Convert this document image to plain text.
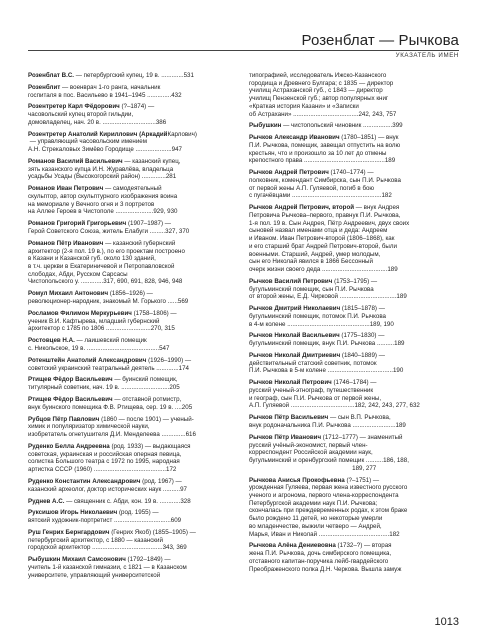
Розенблат — Рычкова
УКАЗАТЕЛЬ ИМЕН
Розенблат В.С. — петербургский купец, 19 в. .............531
Розенблит — военврач 1-го ранга, начальник
госпиталя в пос. Васильево в 1941–1945 ..............432
Розентретер Карл Фёдорович (?–1874) —
часовольский купец второй гильдии,
домовладелец, нач. 20 в. ...............................386
Розентретер Анатолий Кириллович (АркадийКарлович)
— управляющий часовольским имением
А.Н. Стрекаловых Зимёво Городище .....................947
Романов Василий Васильевич — казанский купец,
зять казанского купца И.Н. Журавлёва, владельца
усадьбы Усады (Высокогорский район) ..............281
Романов Иван Петрович — самодеятельный
скульптор, автор скульптурного изображения воина
на мемориале у Вечного огня и 3 портретов
на Аллее Героев в Чистополе ......................929, 930
Романов Григорий Григорьевич (1907–1987) —
Герой Советского Союза, житель Елабуги .........327, 370
Романов Пётр Иванович — казанский губернский
архитектор (2-я пол. 19 в.), по его проектам построено
в Казани и Казанской губ. около 130 зданий,
в т.ч. церкви в Екатериничевой и Петропавловской
слободах, Абди, Русском Сарсасы
Чистопольского у. .............317, 690, 691, 828, 946, 948
Ромул Михаил Антонович (1856–1926) —
революционер-народник, знакомый М. Горького ......569
Росламов Филимон Меркурьевич (1758–1806) —
ученик В.И. Кафтырева, младший губернский
архитектор с 1785 по 1806 ..........................270, 315
Ростовцев Н.А. — лаишевский помещик
с. Никольское, 19 в. ..........................................547
Ротенштейн Анатолий Александрович (1926–1990) —
советский украинский театральный деятель .............174
Ртищев Фёдор Васильевич — буинский помещик,
титулярный советник, нач. 19 в. ............................205
Ртищев Фёдор Васильевич — отставной ротмистр,
внук буинского помещика Ф.В. Ртищева, сер. 19 в. ....205
Рубцов Пётр Павлович (1860 — после 1901) — ученый-
химик и популяризатор химической науки,
изобретатель огнетушителя Д.И. Менделеева ..............616
Руденко Белла Андреевна (род. 1933) — выдающаяся
советская, украинская и российская оперная певица,
солистка Большого театра с 1972 по 1995, народная
артистка СССР (1960) ..........................................172
Руденко Константин Александрович (род. 1967) —
казанский археолог, доктор исторических наук ..........97
Руднев А.С. — священник с. Абди, кон. 19 в. ............328
Руксишов Игорь Николаевич (род. 1955) —
вятский художник-портретист .................................609
Руш Генрих Бернгардович (Генрих Якоб) (1855–1905) —
петербургский архитектор, с 1880 — казанский
городской архитектор .........................................343, 369
Рыбушкин Михаил Самсонович (1792–1849) —
учитель 1-й казанской гимназии, с 1821 — в Казанском
университете, управляющий университетской
типографией, исследователь Ижско-Казанского
городища и Древнего Булгара; с 1835 — директор
училищ Астраханской губ., с 1843 — директор
училищ Пензенской губ.; автор популярных книг
«Краткая история Казани» и «Записки
об Астрахани» ......................................242, 243, 757
Рыбушкин — чистопольский чиновник .................399
Рычков Александр Иванович (1780–1851) — внук
П.И. Рычкова, помещик, завещал отпустить на волю
крестьян, что и произошло за 10 лет до отмены
крепостного права ...............................................189
Рычков Андрей Петрович (1740–1774) —
полковник, комендант Симбирска, сын П.И. Рычкова
от первой жены А.П. Гуляевой, погиб в бою
с пугачёвцами ....................................................182
Рычков Андрей Петрович, второй — внук Андрея
Петровича Рычкова–первого, правнук П.И. Рычкова,
1-я пол. 19 в. Сын Андрея, Пётр Андреевич, двух своих
сыновей назвал именами отца и деда: Андреем
и Иваном. Иван Петрович-второй (1806–1868), как
и его старший брат Андрей Петрович-второй, были
военными. Старший, Андрей, умер молодым,
сын его Николай явился в 1866 Бессонный
очерк жизни своего деда ......................................189
Рычков Василий Петрович (1753–1795) —
бугульминский помещик, сын П.И. Рычкова
от второй жены, Е.Д. Чирковой .................................189
Рычков Дмитрий Николаевич (1815–1878) —
бугульминский помещик, потомок П.И. Рычкова
в 4-м колене ................................................189, 190
Рычков Николай Васильевич (1775–1830) —
бугульминский помещик, внук П.И. Рычкова ..........189
Рычков Николай Дмитриевич (1840–1889) —
действительный статский советник, потомок
П.И. Рычкова в 5-м колене ......................................190
Рычков Николай Петрович (1746–1784) —
русский ученый-этнограф, путешественник
и географ, сын П.И. Рычкова от первой жены,
А.П. Гуляевой .....................................182, 242, 243, 277, 632
Рычков Пётр Васильевич — сын В.П. Рычкова,
внук родоначальника П.И. Рычкова .........................189
Рычков Пётр Иванович (1712–1777) — знаменитый
русский учёный-экономист, первый член-
корреспондент Российской академии наук,
бугульминский и оренбургский помещик ..........186, 188,
189, 277
Рычкова Анисья Прокофьевна (?–1751) —
урожденная Гуляева, первая жена известного русского
ученого и агронома, первого члена-корреспондента
Петербургской академии наук П.И. Рычкова;
скончалась при преждевременных родах, к этом браке
было рождено 11 детей, но некоторые умерли
во младенчестве, выжили четверо — Андрей,
Марья, Иван и Николай .........................................182
Рычкова Алёна Дениевовна (1732–?) — вторая
жена П.И. Рычкова, дочь симбирского помещика,
отставного капитан-поручика лейб-гвардейского
Преображенского полка Д.Н. Черкова. Вышла замуж
1013
